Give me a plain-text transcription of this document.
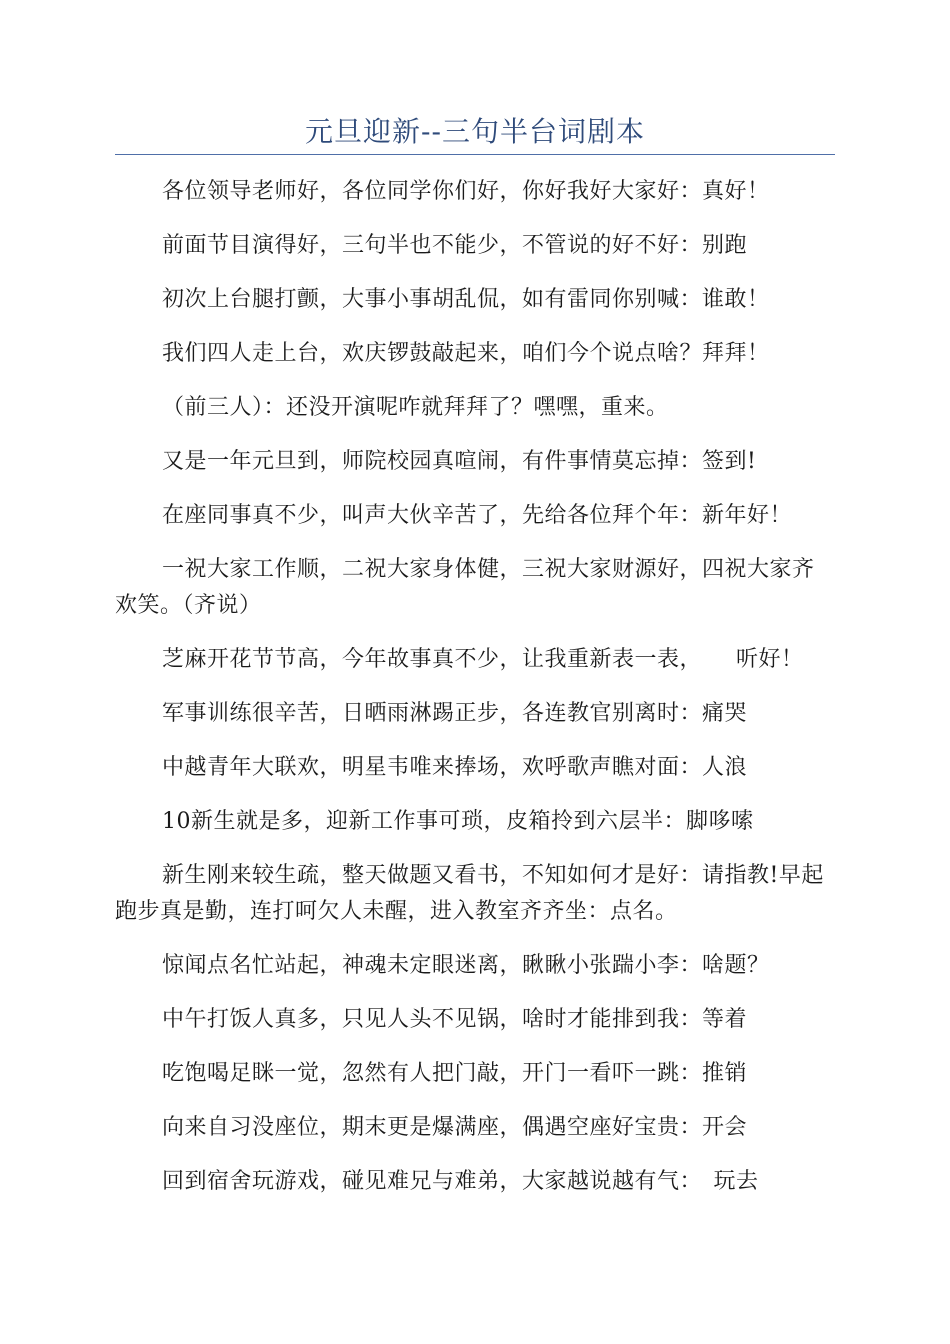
元旦迎新--三句半台词剧本

各位领导老师好，各位同学你们好，你好我好大家好：真好！

前面节目演得好，三句半也不能少，不管说的好不好：别跑

初次上台腿打颤，大事小事胡乱侃，如有雷同你别喊：谁敢！

我们四人走上台，欢庆锣鼓敲起来，咱们今个说点啥？拜拜！

（前三人）：还没开演呢咋就拜拜了？嘿嘿，重来。

又是一年元旦到，师院校园真喧闹，有件事情莫忘掉：签到!

在座同事真不少，叫声大伙辛苦了，先给各位拜个年：新年好！

一祝大家工作顺，二祝大家身体健，三祝大家财源好，四祝大家齐欢笑。（齐说）

芝麻开花节节高，今年故事真不少，让我重新表一表，　　听好！

军事训练很辛苦，日晒雨淋踢正步，各连教官别离时：痛哭

中越青年大联欢，明星韦唯来捧场，欢呼歌声瞧对面：人浪

10新生就是多，迎新工作事可琐，皮箱拎到六层半：脚哆嗦

新生刚来较生疏，整天做题又看书，不知如何才是好：请指教!早起跑步真是勤，连打呵欠人未醒，进入教室齐齐坐：点名。

惊闻点名忙站起，神魂未定眼迷离，瞅瞅小张踹小李：啥题？

中午打饭人真多，只见人头不见锅，啥时才能排到我：等着

吃饱喝足眯一觉，忽然有人把门敲，开门一看吓一跳：推销

向来自习没座位，期末更是爆满座，偶遇空座好宝贵：开会

回到宿舍玩游戏，碰见难兄与难弟，大家越说越有气：　玩去
